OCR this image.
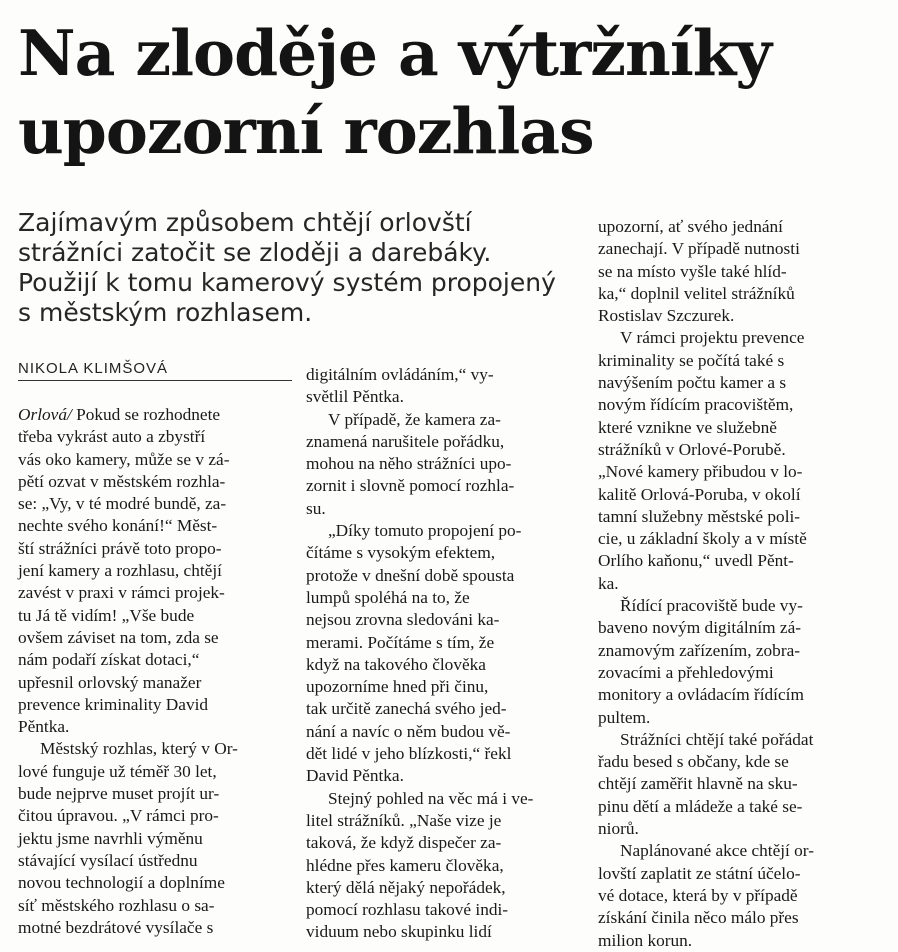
Na zloděje a výtržníky
upozorní rozhlas

Zajímavým způsobem chtějí orlovští
strážníci zatočit se zloději a darebáky.
Použijí k tomu kamerový systém propojený
s městským rozhlasem.

NIKOLA KLIMŠOVÁ
Orlová/ Pokud se rozhodnete
třeba vykrást auto a zbystří
vás oko kamery, může se v zá-
pětí ozvat v městském rozhla-
se: „Vy, v té modré bundě, za-
nechte svého konání!“ Měst-
ští strážníci právě toto propo-
jení kamery a rozhlasu, chtějí
zavést v praxi v rámci projek-
tu Já tě vidím! „Vše bude
ovšem záviset na tom, zda se
nám podaří získat dotaci,“
upřesnil orlovský manažer
prevence kriminality David
Pěntka.
Městský rozhlas, který v Or-
lové funguje už téměř 30 let,
bude nejprve muset projít ur-
čitou úpravou. „V rámci pro-
jektu jsme navrhli výměnu
stávající vysílací ústřednu
novou technologií a doplníme
síť městského rozhlasu o sa-
motné bezdrátové vysílače s
digitálním ovládáním,“ vy-
světlil Pěntka.
V případě, že kamera za-
znamená narušitele pořádku,
mohou na něho strážníci upo-
zornit i slovně pomocí rozhla-
su.
„Díky tomuto propojení po-
čítáme s vysokým efektem,
protože v dnešní době spousta
lumpů spoléhá na to, že
nejsou zrovna sledováni ka-
merami. Počítáme s tím, že
když na takového člověka
upozorníme hned při činu,
tak určitě zanechá svého jed-
nání a navíc o něm budou vě-
dět lidé v jeho blízkosti,“ řekl
David Pěntka.
Stejný pohled na věc má i ve-
litel strážníků. „Naše vize je
taková, že když dispečer za-
hlédne přes kameru člověka,
který dělá nějaký nepořádek,
pomocí rozhlasu takové indi-
viduum nebo skupinku lidí
upozorní, ať svého jednání
zanechají. V případě nutnosti
se na místo vyšle také hlíd-
ka,“ doplnil velitel strážníků
Rostislav Szczurek.
V rámci projektu prevence
kriminality se počítá také s
navýšením počtu kamer a s
novým řídícím pracovištěm,
které vznikne ve služebně
strážníků v Orlové-Porubě.
„Nové kamery přibudou v lo-
kalitě Orlová-Poruba, v okolí
tamní služebny městské poli-
cie, u základní školy a v místě
Orlího kaňonu,“ uvedl Pěnt-
ka.
Řídící pracoviště bude vy-
baveno novým digitálním zá-
znamovým zařízením, zobra-
zovacími a přehledovými
monitory a ovládacím řídícím
pultem.
Strážníci chtějí také pořádat
řadu besed s občany, kde se
chtějí zaměřit hlavně na sku-
pinu dětí a mládeže a také se-
niorů.
Naplánované akce chtějí or-
lovští zaplatit ze státní účelo-
vé dotace, která by v případě
získání činila něco málo přes
milion korun.
